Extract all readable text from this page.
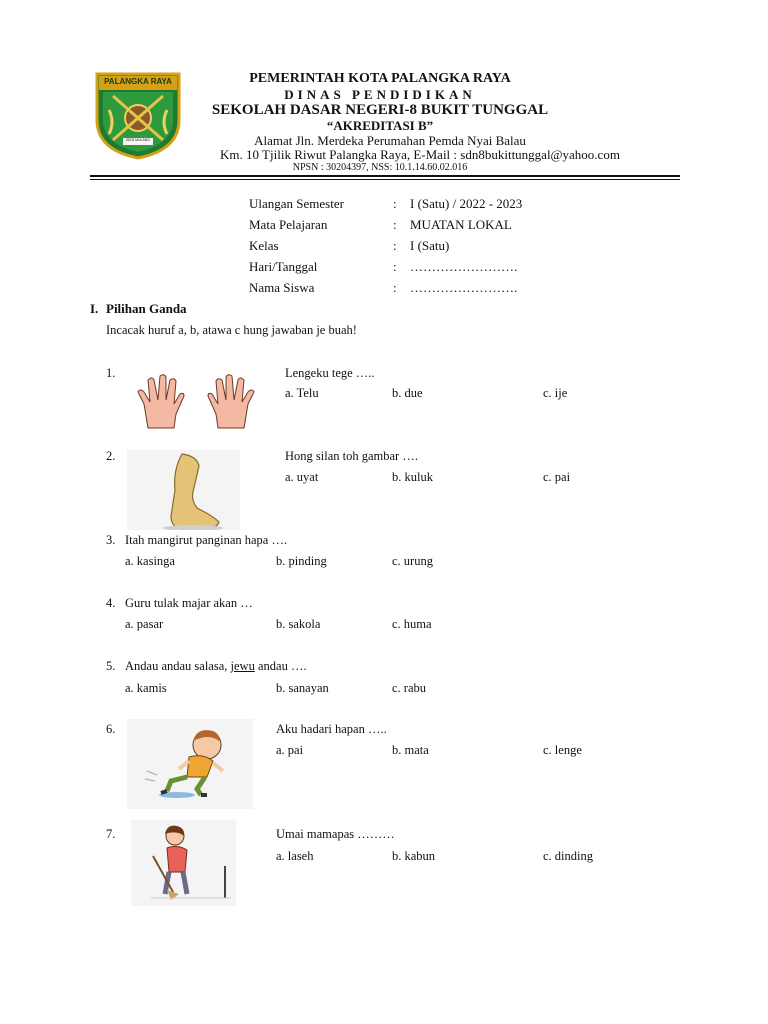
PALANGKA RAYA
ISEN MULANG
PEMERINTAH KOTA PALANGKA RAYA
DINAS PENDIDIKAN
SEKOLAH DASAR NEGERI-8 BUKIT TUNGGAL
“AKREDITASI B”
Alamat Jln. Merdeka Perumahan Pemda Nyai Balau
Km. 10 Tjilik Riwut Palangka Raya, E-Mail : sdn8bukittunggal@yahoo.com
NPSN : 30204397, NSS: 10.1.14.60.02.016
Ulangan Semester	: I (Satu) / 2022 - 2023
Mata Pelajaran	: MUATAN LOKAL
Kelas	: I (Satu)
Hari/Tanggal	: …………………….
Nama Siswa	: …………………….
I. Pilihan Ganda
Incacak huruf a, b, atawa c hung jawaban je buah!
1.	Lengeku tege …..
a. Telu	b. due	c. ije
2.	Hong silan toh gambar ….
a. uyat	b. kuluk	c. pai
3. Itah mangirut panginan hapa ….
a. kasinga	b. pinding	c. urung
4. Guru tulak majar akan …
a. pasar	b. sakola	c. huma
5. Andau andau salasa, jewu andau ….
a. kamis	b. sanayan	c. rabu
6.	Aku hadari hapan …..
a. pai	b. mata	c. lenge
7.	Umai mamapas ………
a. laseh	b. kabun	c. dinding
